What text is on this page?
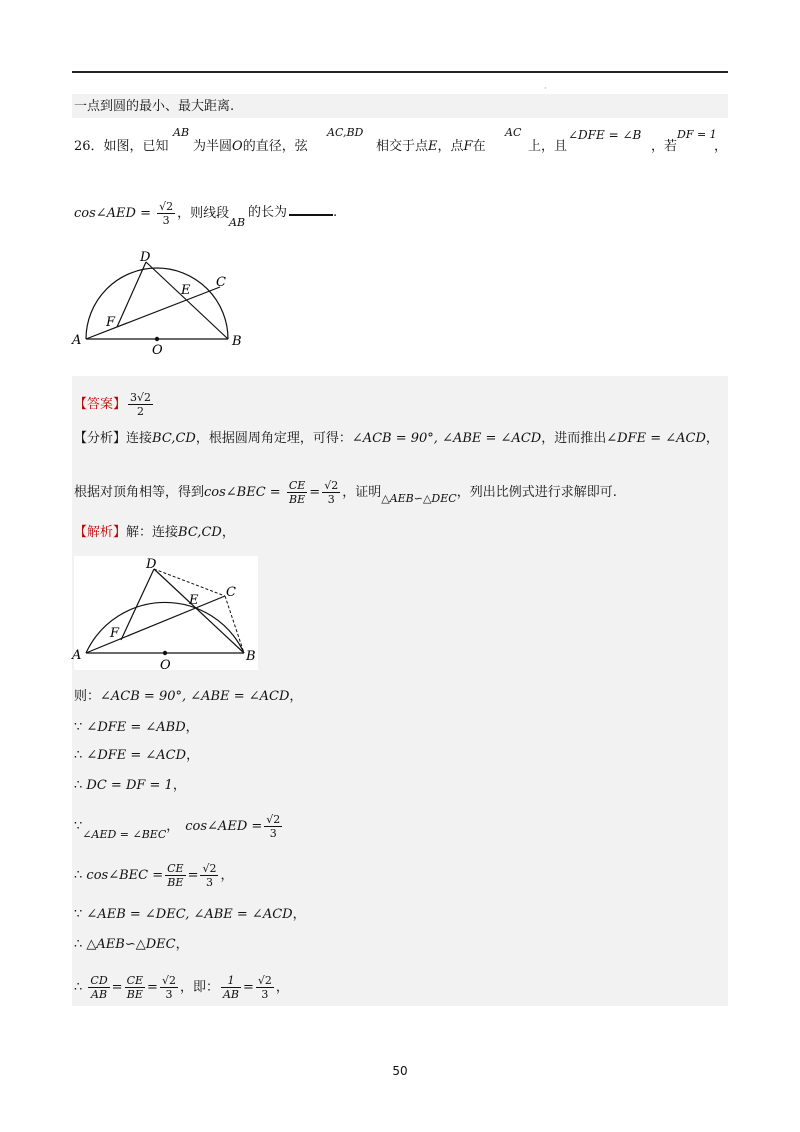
·
一点到圆的最小、最大距离.
26．如图，已知
AB
为半圆O的直径，弦
AC,BD
相交于点E，点F在
AC
上，且
∠DFE = ∠B
，若
DF = 1
，
cos∠AED = $\frac{√2}{3}$ ，则线段
AB
的长为	.
A	B
C
D
E
F
O
【答案】 $\frac{3√2}{2}$
【分析】连接BC,CD，根据圆周角定理，可得：∠ACB = 90°, ∠ABE = ∠ACD，进而推出∠DFE = ∠ACD，
根据对顶角相等，得到cos∠BEC = $\frac{CE}{BE} = \frac{√2}{3}$ ，证明$_{\triangle AEB∽\triangle DEC}$，列出比例式进行求解即可.
【解析】解：连接BC,CD，
A	B
C
D
E
F
O
则：∠ACB = 90°, ∠ABE = ∠ACD，
∵ ∠DFE = ∠ABD，
∴ ∠DFE = ∠ACD，
∴ DC = DF = 1，
$\because_{\angle AED = \angle BEC}$， cos∠AED = $\frac{√2}{3}$
∴ cos∠BEC = $\frac{CE}{BE} = \frac{√2}{3}$ ，
∵ ∠AEB = ∠DEC, ∠ABE = ∠ACD，
∴ △AEB∽△DEC，
∴ $\frac{CD}{AB} = \frac{CE}{BE} = \frac{√2}{3}$ ，即： $\frac{1}{AB} = \frac{√2}{3}$ ，
50
